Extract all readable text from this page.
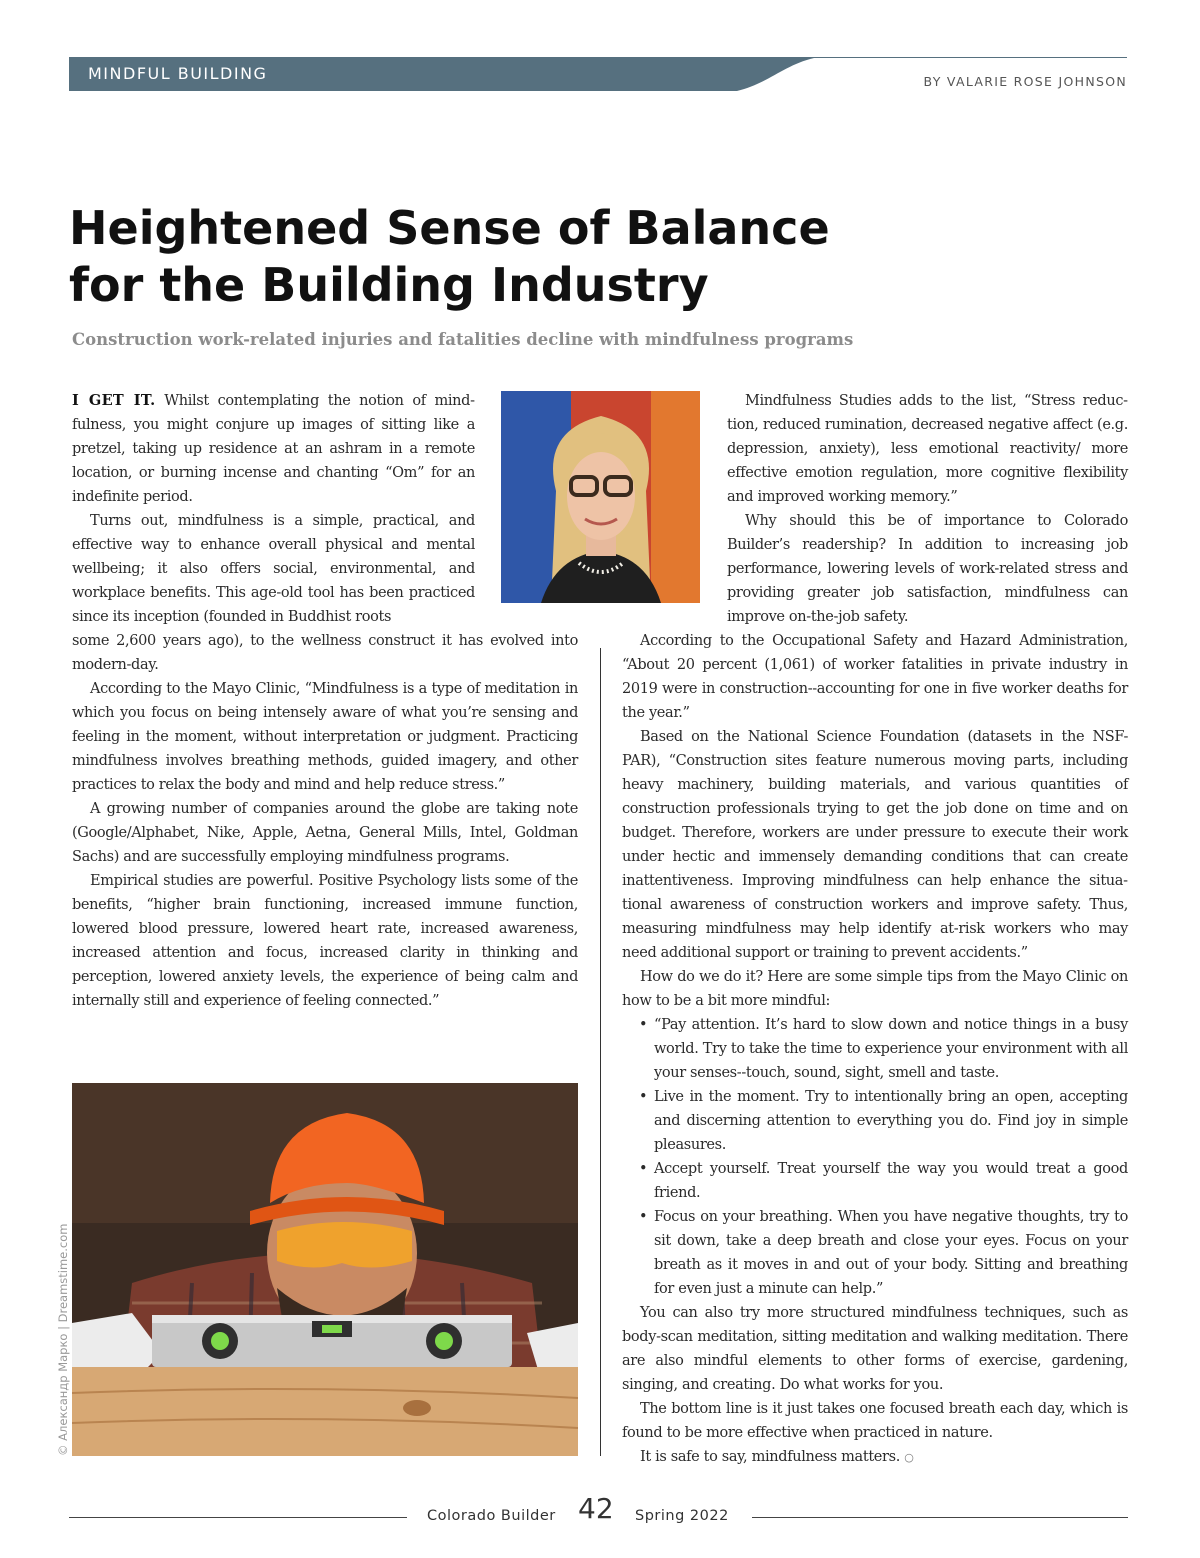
MINDFUL BUILDING	BY VALARIE ROSE JOHNSON
Heightened Sense of Balance
for the Building Industry

Construction work-related injuries and fatalities decline with mindfulness programs

I GET IT. Whilst contemplating the notion of mindfulness, you might conjure up images of sitting like a pretzel, taking up residence at an ashram in a remote location, or burning incense and chanting “Om” for an indefinite period.

Turns out, mindfulness is a simple, practical, and effective way to enhance overall physical and mental wellbeing; it also offers social, environmental, and workplace benefits. This age-old tool has been practiced since its inception (founded in Buddhist roots

some 2,600 years ago), to the wellness construct it has evolved into modern-day.

According to the Mayo Clinic, “Mindfulness is a type of meditation in which you focus on being intensely aware of what you’re sensing and feeling in the moment, without interpretation or judgment. Practicing mindfulness involves breathing methods, guided imagery, and other practices to relax the body and mind and help reduce stress.”

A growing number of companies around the globe are taking note (Google/Alphabet, Nike, Apple, Aetna, General Mills, Intel, Goldman Sachs) and are successfully employing mindfulness programs.

Empirical studies are powerful. Positive Psychology lists some of the benefits, “higher brain functioning, increased immune function, lowered blood pressure, lowered heart rate, increased awareness, increased attention and focus, increased clarity in thinking and perception, lowered anxiety levels, the experience of being calm and internally still and experience of feeling connected.”

© Александр Марко | Dreamstime.com

Mindfulness Studies adds to the list, “Stress reduction, reduced rumination, decreased negative affect (e.g. depression, anxiety), less emotional reactivity/ more effective emotion regulation, more cognitive flexibility and improved working memory.”

Why should this be of importance to Colorado Builder’s readership? In addition to increasing job performance, lowering levels of work-related stress and providing greater job satisfaction, mindfulness can improve on-the-job safety.

According to the Occupational Safety and Hazard Administration, “About 20 percent (1,061) of worker fatalities in private industry in 2019 were in construction--accounting for one in five worker deaths for the year.”

Based on the National Science Foundation (datasets in the NSF-PAR), “Construction sites feature numerous moving parts, including heavy machinery, building materials, and various quantities of construction professionals trying to get the job done on time and on budget. Therefore, workers are under pressure to execute their work under hectic and immensely demanding conditions that can create inattentiveness. Improving mindfulness can help enhance the situational awareness of construction workers and improve safety. Thus, measuring mindfulness may help identify at-risk workers who may need additional support or training to prevent accidents.”

How do we do it? Here are some simple tips from the Mayo Clinic on how to be a bit more mindful:

• “Pay attention. It’s hard to slow down and notice things in a busy world. Try to take the time to experience your environment with all your senses--touch, sound, sight, smell and taste.
• Live in the moment. Try to intentionally bring an open, accepting and discerning attention to everything you do. Find joy in simple pleasures.
• Accept yourself. Treat yourself the way you would treat a good friend.
• Focus on your breathing. When you have negative thoughts, try to sit down, take a deep breath and close your eyes. Focus on your breath as it moves in and out of your body. Sitting and breathing for even just a minute can help.”

You can also try more structured mindfulness techniques, such as body-scan meditation, sitting meditation and walking meditation. There are also mindful elements to other forms of exercise, gardening, singing, and creating. Do what works for you.

The bottom line is it just takes one focused breath each day, which is found to be more effective when practiced in nature.

It is safe to say, mindfulness matters. ○

Colorado Builder 42 Spring 2022
